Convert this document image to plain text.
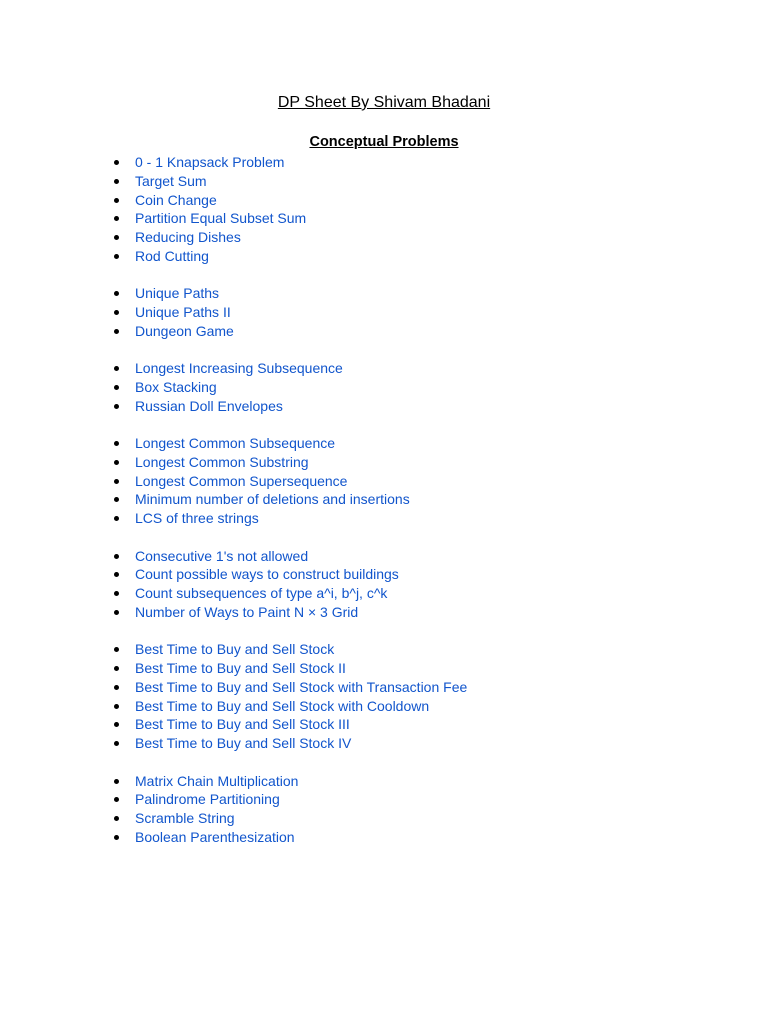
DP Sheet By Shivam Bhadani
Conceptual Problems
0 - 1 Knapsack Problem
Target Sum
Coin Change
Partition Equal Subset Sum
Reducing Dishes
Rod Cutting
Unique Paths
Unique Paths II
Dungeon Game
Longest Increasing Subsequence
Box Stacking
Russian Doll Envelopes
Longest Common Subsequence
Longest Common Substring
Longest Common Supersequence
Minimum number of deletions and insertions
LCS of three strings
Consecutive 1's not allowed
Count possible ways to construct buildings
Count subsequences of type a^i, b^j, c^k
Number of Ways to Paint N × 3 Grid
Best Time to Buy and Sell Stock
Best Time to Buy and Sell Stock II
Best Time to Buy and Sell Stock with Transaction Fee
Best Time to Buy and Sell Stock with Cooldown
Best Time to Buy and Sell Stock III
Best Time to Buy and Sell Stock IV
Matrix Chain Multiplication
Palindrome Partitioning
Scramble String
Boolean Parenthesization
